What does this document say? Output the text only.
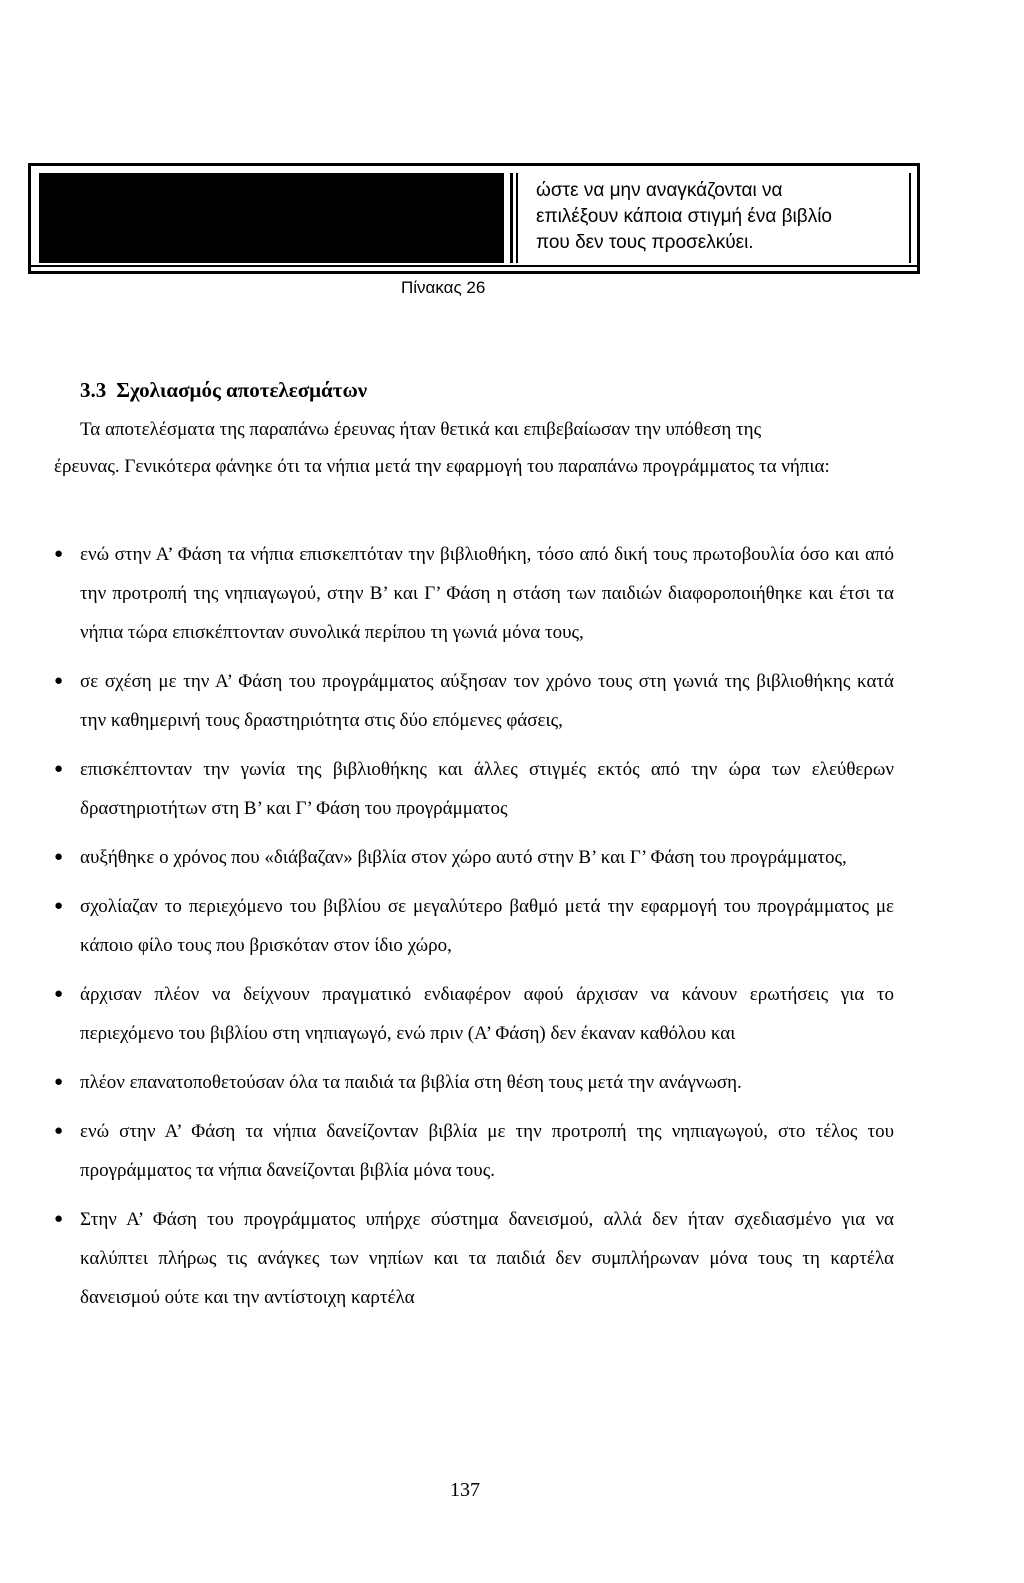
ώστε να μην αναγκάζονται να
επιλέξουν κάποια στιγμή ένα βιβλίο
που δεν τους προσελκύει.
Πίνακας 26
3.3 Σχολιασμός αποτελεσμάτων
Τα αποτελέσματα της παραπάνω έρευνας ήταν θετικά και επιβεβαίωσαν την υπόθεση της
έρευνας. Γενικότερα φάνηκε ότι τα νήπια μετά την εφαρμογή του παραπάνω προγράμματος τα νήπια:
● ενώ στην Α’ Φάση τα νήπια επισκεπτόταν την βιβλιοθήκη, τόσο από δική τους πρωτοβουλία όσο και από την προτροπή της νηπιαγωγού, στην Β’ και Γ’ Φάση η στάση των παιδιών διαφοροποιήθηκε και έτσι τα νήπια τώρα επισκέπτονταν συνολικά περίπου τη γωνιά μόνα τους,
● σε σχέση με την Α’ Φάση του προγράμματος αύξησαν τον χρόνο τους στη γωνιά της βιβλιοθήκης κατά την καθημερινή τους δραστηριότητα στις δύο επόμενες φάσεις,
● επισκέπτονταν την γωνία της βιβλιοθήκης και άλλες στιγμές εκτός από την ώρα των ελεύθερων δραστηριοτήτων στη Β’ και Γ’ Φάση του προγράμματος
● αυξήθηκε ο χρόνος που «διάβαζαν» βιβλία στον χώρο αυτό στην Β’ και Γ’ Φάση του προγράμματος,
● σχολίαζαν το περιεχόμενο του βιβλίου σε μεγαλύτερο βαθμό μετά την εφαρμογή του προγράμματος με κάποιο φίλο τους που βρισκόταν στον ίδιο χώρο,
● άρχισαν πλέον να δείχνουν πραγματικό ενδιαφέρον αφού άρχισαν να κάνουν ερωτήσεις για το περιεχόμενο του βιβλίου στη νηπιαγωγό, ενώ πριν (Α’ Φάση) δεν έκαναν καθόλου και
● πλέον επανατοποθετούσαν όλα τα παιδιά τα βιβλία στη θέση τους μετά την ανάγνωση.
● ενώ στην Α’ Φάση τα νήπια δανείζονταν βιβλία με την προτροπή της νηπιαγωγού, στο τέλος του προγράμματος τα νήπια δανείζονται βιβλία μόνα τους.
● Στην Α’ Φάση του προγράμματος υπήρχε σύστημα δανεισμού, αλλά δεν ήταν σχεδιασμένο για να καλύπτει πλήρως τις ανάγκες των νηπίων και τα παιδιά δεν συμπλήρωναν μόνα τους τη καρτέλα δανεισμού ούτε και την αντίστοιχη καρτέλα
137
